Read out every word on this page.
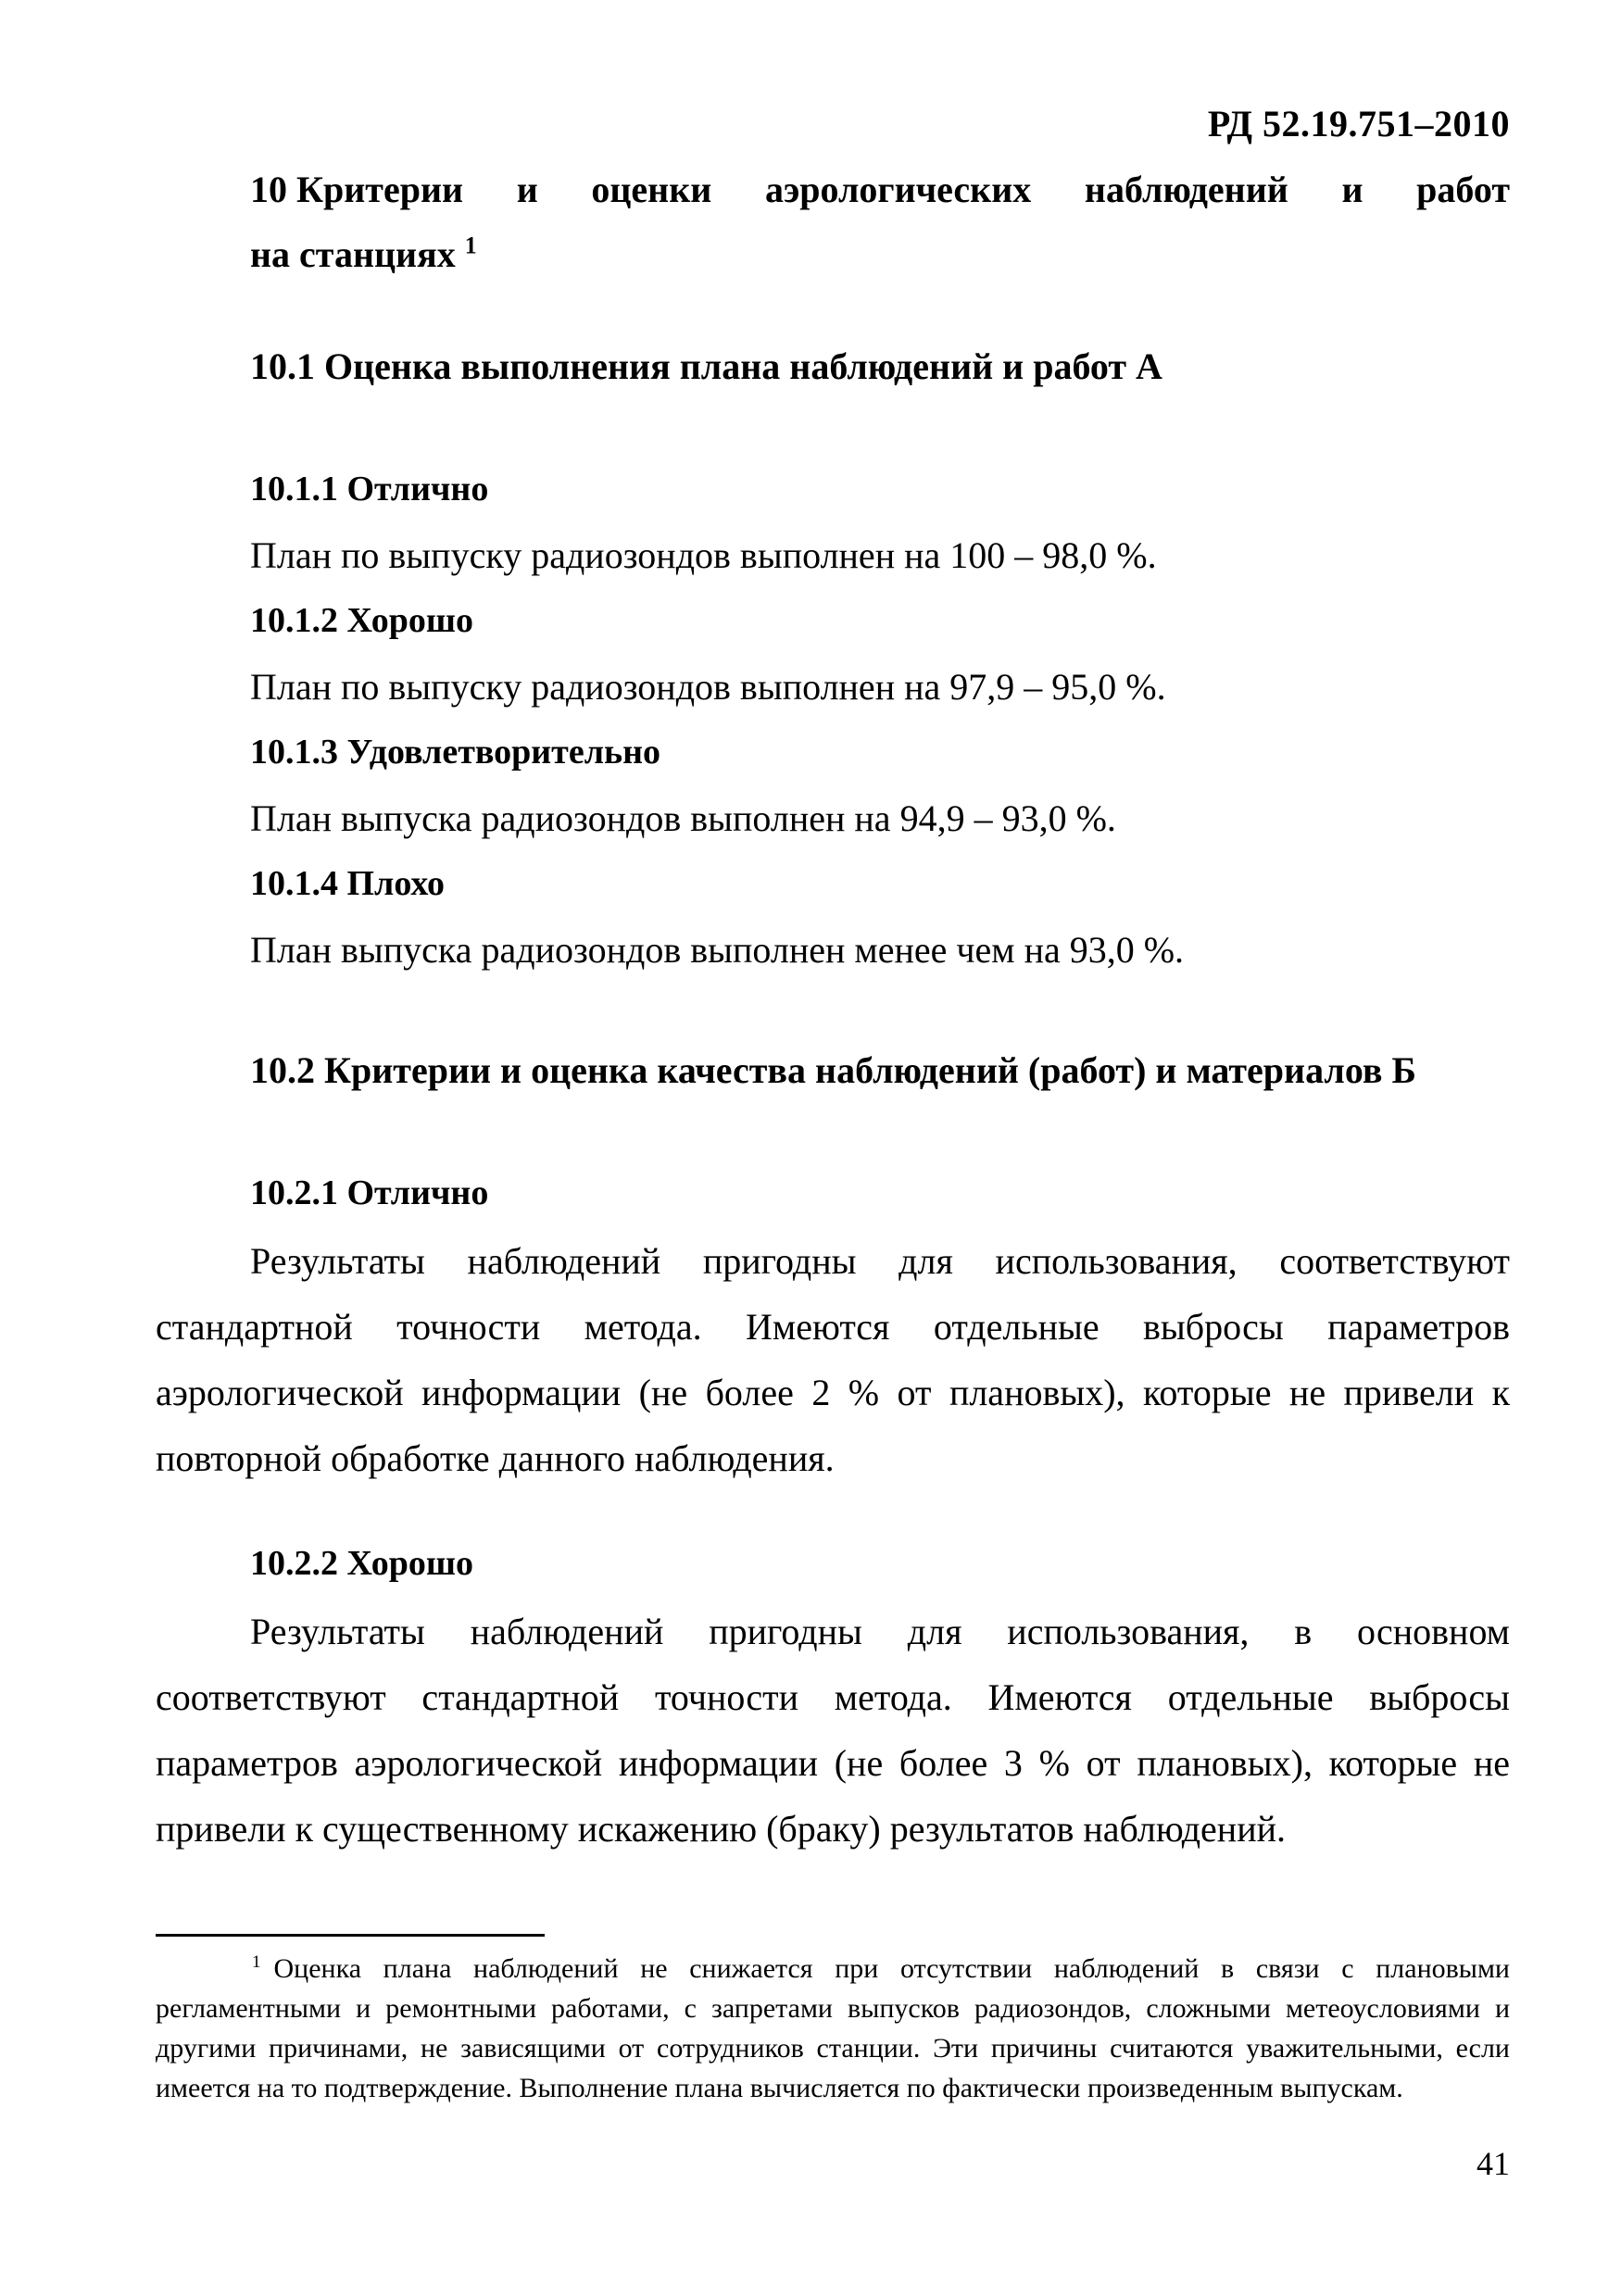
РД 52.19.751–2010
10 Критерии и оценки аэрологических наблюдений и работ
на станциях $^1$
10.1 Оценка выполнения плана наблюдений и работ А
10.1.1 Отлично
План по выпуску радиозондов выполнен на 100 – 98,0 %.
10.1.2 Хорошо
План по выпуску радиозондов выполнен на 97,9 – 95,0 %.
10.1.3 Удовлетворительно
План выпуска радиозондов выполнен на 94,9 – 93,0 %.
10.1.4 Плохо
План выпуска радиозондов выполнен менее чем на 93,0 %.
10.2 Критерии и оценка качества наблюдений (работ) и материалов Б
10.2.1 Отлично
Результаты наблюдений пригодны для использования, соответствуют стандартной точности метода. Имеются отдельные выбросы параметров аэрологической информации (не более 2 % от плановых), которые не привели к повторной обработке данного наблюдения.
10.2.2 Хорошо
Результаты наблюдений пригодны для использования, в основном соответствуют стандартной точности метода. Имеются отдельные выбросы параметров аэрологической информации (не более 3 % от плановых), которые не привели к существенному искажению (браку) результатов наблюдений.
$^1$ Оценка плана наблюдений не снижается при отсутствии наблюдений в связи с плановыми регламентными и ремонтными работами, с запретами выпусков радиозондов, сложными метеоусловиями и другими причинами, не зависящими от сотрудников станции. Эти причины считаются уважительными, если имеется на то подтверждение. Выполнение плана вычисляется по фактически произведенным выпускам.
41
